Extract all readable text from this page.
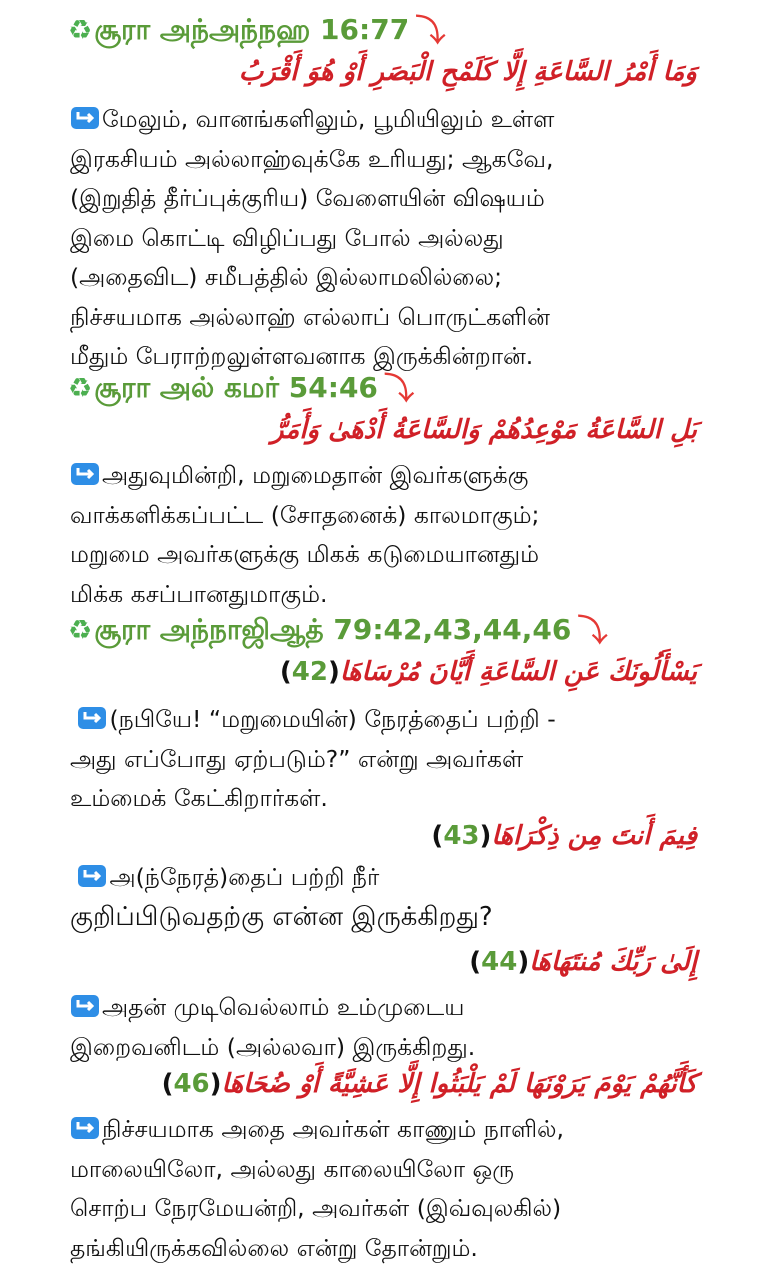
♻சூரா அந்அந்நஹ 16:77 ⤵
وَمَا أَمْرُ السَّاعَةِ إِلَّا كَلَمْحِ الْبَصَرِ أَوْ هُوَ أَقْرَبُ
மேலும், வானங்களிலும், பூமியிலும் உள்ள
இரகசியம் அல்லாஹ்வுக்கே உரியது; ஆகவே,
(இறுதித் தீர்ப்புக்குரிய) வேளையின் விஷயம்
இமை கொட்டி விழிப்பது போல் அல்லது
(அதைவிட) சமீபத்தில் இல்லாமலில்லை;
நிச்சயமாக அல்லாஹ் எல்லாப் பொருட்களின்
மீதும் பேராற்றலுள்ளவனாக இருக்கின்றான்.
♻சூரா அல் கமர் 54:46 ⤵
بَلِ السَّاعَةُ مَوْعِدُهُمْ وَالسَّاعَةُ أَدْهَىٰ وَأَمَرُّ
அதுவுமின்றி, மறுமைதான் இவர்களுக்கு
வாக்களிக்கப்பட்ட (சோதனைக்) காலமாகும்;
மறுமை அவர்களுக்கு மிகக் கடுமையானதும்
மிக்க கசப்பானதுமாகும்.
♻சூரா அந்நாஜிஆத் 79:42,43,44,46 ⤵
يَسْأَلُونَكَ عَنِ السَّاعَةِ أَيَّانَ مُرْسَاهَا(42)

(நபியே! “மறுமையின்) நேரத்தைப் பற்றி -
அது எப்போது ஏற்படும்?” என்று அவர்கள்
உம்மைக் கேட்கிறார்கள்.
فِيمَ أَنتَ مِن ذِكْرَاهَا(43)

அ(ந்நேரத்)தைப் பற்றி நீர்
குறிப்பிடுவதற்கு என்ன இருக்கிறது?
إِلَىٰ رَبِّكَ مُنتَهَاهَا(44)
அதன் முடிவெல்லாம் உம்முடைய
இறைவனிடம் (அல்லவா) இருக்கிறது.
كَأَنَّهُمْ يَوْمَ يَرَوْنَهَا لَمْ يَلْبَثُوا إِلَّا عَشِيَّةً أَوْ ضُحَاهَا(46)
நிச்சயமாக அதை அவர்கள் காணும் நாளில்,
மாலையிலோ, அல்லது காலையிலோ ஒரு
சொற்ப நேரமேயன்றி, அவர்கள் (இவ்வுலகில்)
தங்கியிருக்கவில்லை என்று தோன்றும்.
